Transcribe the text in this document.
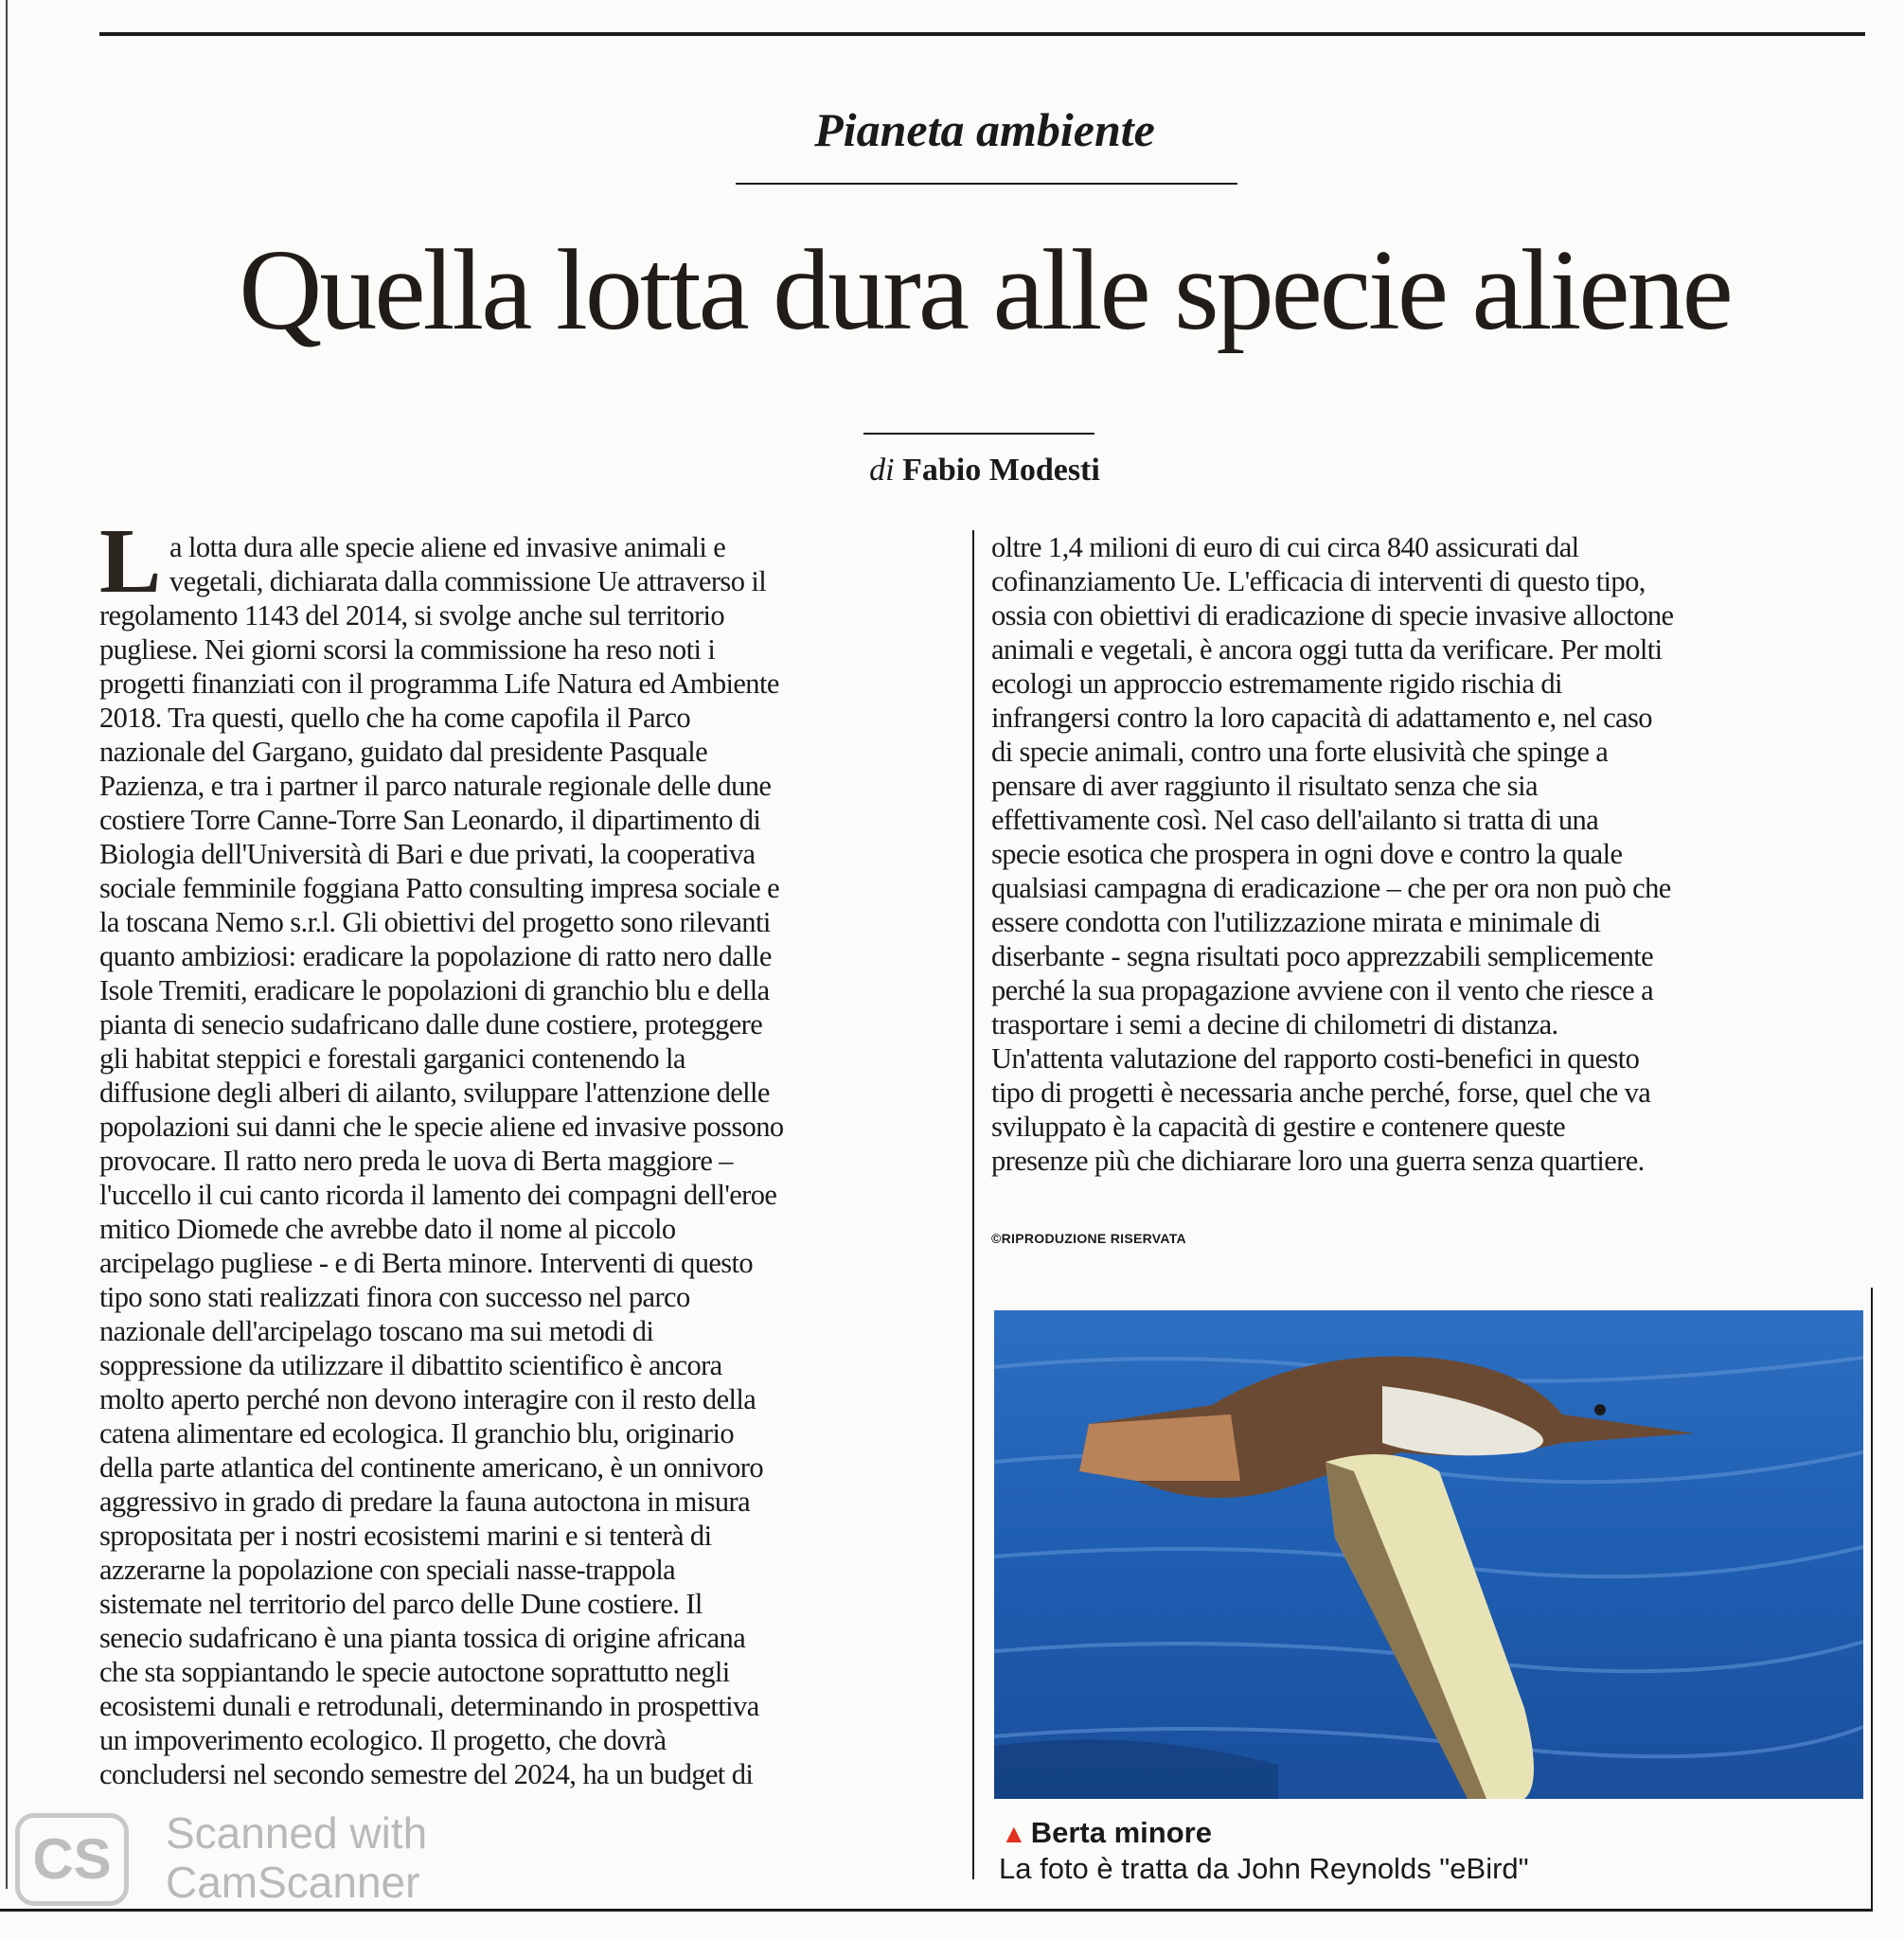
Pianeta ambiente
Quella lotta dura alle specie aliene
di Fabio Modesti
L a lotta dura alle specie aliene ed invasive animali e
vegetali, dichiarata dalla commissione Ue attraverso il
regolamento 1143 del 2014, si svolge anche sul territorio
pugliese. Nei giorni scorsi la commissione ha reso noti i
progetti finanziati con il programma Life Natura ed Ambiente
2018. Tra questi, quello che ha come capofila il Parco
nazionale del Gargano, guidato dal presidente Pasquale
Pazienza, e tra i partner il parco naturale regionale delle dune
costiere Torre Canne-Torre San Leonardo, il dipartimento di
Biologia dell'Università di Bari e due privati, la cooperativa
sociale femminile foggiana Patto consulting impresa sociale e
la toscana Nemo s.r.l. Gli obiettivi del progetto sono rilevanti
quanto ambiziosi: eradicare la popolazione di ratto nero dalle
Isole Tremiti, eradicare le popolazioni di granchio blu e della
pianta di senecio sudafricano dalle dune costiere, proteggere
gli habitat steppici e forestali garganici contenendo la
diffusione degli alberi di ailanto, sviluppare l'attenzione delle
popolazioni sui danni che le specie aliene ed invasive possono
provocare. Il ratto nero preda le uova di Berta maggiore –
l'uccello il cui canto ricorda il lamento dei compagni dell'eroe
mitico Diomede che avrebbe dato il nome al piccolo
arcipelago pugliese - e di Berta minore. Interventi di questo
tipo sono stati realizzati finora con successo nel parco
nazionale dell'arcipelago toscano ma sui metodi di
soppressione da utilizzare il dibattito scientifico è ancora
molto aperto perché non devono interagire con il resto della
catena alimentare ed ecologica. Il granchio blu, originario
della parte atlantica del continente americano, è un onnivoro
aggressivo in grado di predare la fauna autoctona in misura
spropositata per i nostri ecosistemi marini e si tenterà di
azzerarne la popolazione con speciali nasse-trappola
sistemate nel territorio del parco delle Dune costiere. Il
senecio sudafricano è una pianta tossica di origine africana
che sta soppiantando le specie autoctone soprattutto negli
ecosistemi dunali e retrodunali, determinando in prospettiva
un impoverimento ecologico. Il progetto, che dovrà
concludersi nel secondo semestre del 2024, ha un budget di
oltre 1,4 milioni di euro di cui circa 840 assicurati dal
cofinanziamento Ue. L'efficacia di interventi di questo tipo,
ossia con obiettivi di eradicazione di specie invasive alloctone
animali e vegetali, è ancora oggi tutta da verificare. Per molti
ecologi un approccio estremamente rigido rischia di
infrangersi contro la loro capacità di adattamento e, nel caso
di specie animali, contro una forte elusività che spinge a
pensare di aver raggiunto il risultato senza che sia
effettivamente così. Nel caso dell'ailanto si tratta di una
specie esotica che prospera in ogni dove e contro la quale
qualsiasi campagna di eradicazione – che per ora non può che
essere condotta con l'utilizzazione mirata e minimale di
diserbante - segna risultati poco apprezzabili semplicemente
perché la sua propagazione avviene con il vento che riesce a
trasportare i semi a decine di chilometri di distanza.
Un'attenta valutazione del rapporto costi-benefici in questo
tipo di progetti è necessaria anche perché, forse, quel che va
sviluppato è la capacità di gestire e contenere queste
presenze più che dichiarare loro una guerra senza quartiere.
©RIPRODUZIONE RISERVATA
▲ Berta minore
La foto è tratta da John Reynolds "eBird"
CS	Scanned with
CamScanner
